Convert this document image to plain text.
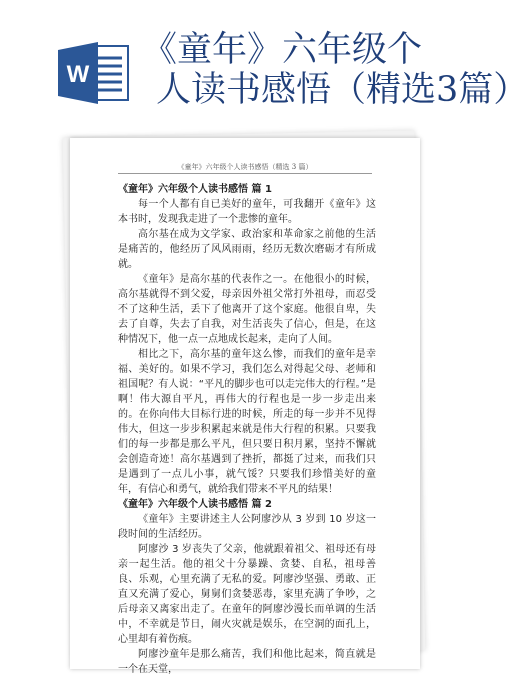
W
《童年》六年级个
人读书感悟（精选3篇）
《童年》六年级个人读书感悟（精选 3 篇）

《童年》六年级个人读书感悟 篇 1

每一个人都有自已美好的童年，可我翻开《童年》这本书时，发现我走进了一个悲惨的童年。

高尔基在成为文学家、政治家和革命家之前他的生活是痛苦的，他经历了风风雨雨，经历无数次磨砺才有所成就。

《童年》是高尔基的代表作之一。在他很小的时候，高尔基就得不到父爱，母亲因外祖父常打外祖母，而忍受不了这种生活，丢下了他离开了这个家庭。他很自卑，失去了自尊，失去了自我，对生活丧失了信心，但是，在这种情况下，他一点一点地成长起来，走向了人间。

相比之下，高尔基的童年这么惨，而我们的童年是幸福、美好的。如果不学习，我们怎么对得起父母、老师和祖国呢？有人说：“平凡的脚步也可以走完伟大的行程。”是啊！伟大源自平凡，再伟大的行程也是一步一步走出来的。在你向伟大目标行进的时候，所走的每一步并不见得伟大，但这一步步积累起来就是伟大行程的积累。只要我们的每一步都是那么平凡，但只要日积月累，坚持不懈就会创造奇迹！高尔基遇到了挫折，都挺了过来，而我们只是遇到了一点儿小事，就气馁？只要我们珍惜美好的童年，有信心和勇气，就给我们带来不平凡的结果！

《童年》六年级个人读书感悟 篇 2

《童年》主要讲述主人公阿廖沙从 3 岁到 10 岁这一段时间的生活经历。

阿廖沙 3 岁丧失了父亲，他就跟着祖父、祖母还有母亲一起生活。他的祖父十分暴躁、贪婪、自私，祖母善良、乐观，心里充满了无私的爱。阿廖沙坚强、勇敢、正直又充满了爱心，舅舅们贪婪恶毒，家里充满了争吵，之后母亲又离家出走了。在童年的阿廖沙漫长而单调的生活中，不幸就是节日，闹火灾就是娱乐，在空洞的面孔上，心里却有着伤痕。

阿廖沙童年是那么痛苦，我们和他比起来，简直就是一个在天堂，
